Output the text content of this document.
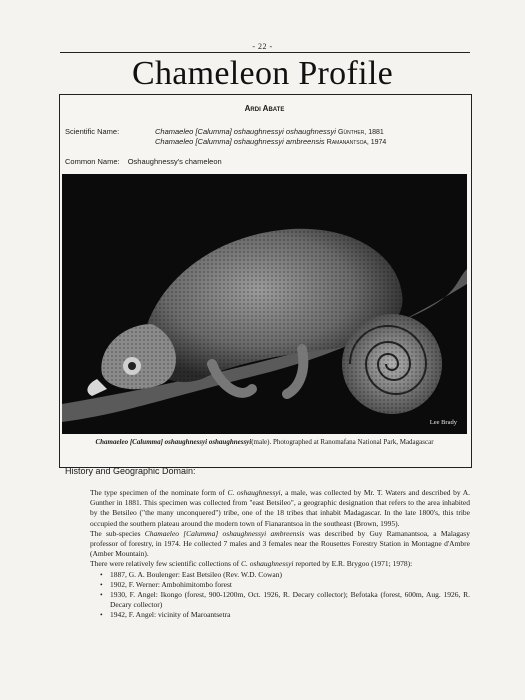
- 22 -
Chameleon Profile
Ardi Abate
Scientific Name:	Chamaeleo [Calumma] oshaughnessyi oshaughnessyi Günther, 1881
Chamaeleo [Calumma] oshaughnessyi ambreensis Ramanantsoa, 1974
Common Name: Oshaughnessy's chameleon
Lee Brady
Chamaeleo [Calumma] oshaughnessyi oshaughnessyi(male). Photographed at Ranomafana National Park, Madagascar
History and Geographic Domain:

The type specimen of the nominate form of C. oshaughnessyi, a male, was collected by Mr. T. Waters and described by A. Gunther in 1881. This specimen was collected from "east Betsileo", a geographic designation that refers to the area inhabited by the Betsileo ("the many unconquered") tribe, one of the 18 tribes that inhabit Madagascar. In the late 1800's, this tribe occupied the southern plateau around the modern town of Fianarantsoa in the southeast (Brown, 1995).

The sub-species Chamaeleo [Calumma] oshaughnessyi ambreensis was described by Guy Ramanantsoa, a Malagasy professor of forestry, in 1974. He collected 7 males and 3 females near the Rousettes Forestry Station in Montagne d'Ambre (Amber Mountain).

There were relatively few scientific collections of C. oshaughnessyi reported by E.R. Brygoo (1971; 1978):

• 1887, G. A. Boulenger: East Betsileo (Rev. W.D. Cowan)
• 1902, F. Werner: Ambohimitombo forest
• 1930, F. Angel: Ikongo (forest, 900-1200m, Oct. 1926, R. Decary collector); Befotaka (forest, 600m, Aug. 1926, R. Decary collector)
• 1942, F. Angel: vicinity of Maroantsetra
